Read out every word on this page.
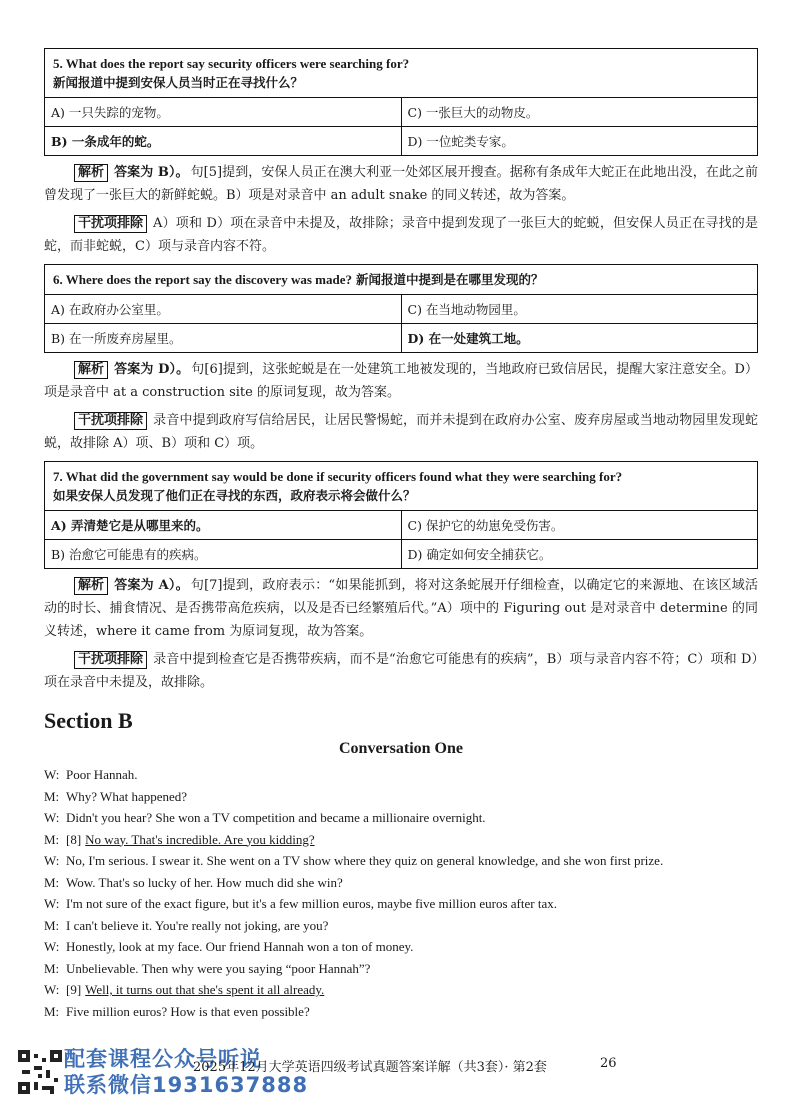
5. What does the report say security officers were searching for?
新闻报道中提到安保人员当时正在寻找什么？	

A) 一只失踪的宠物。	C) 一张巨大的动物皮。
B) 一条成年的蛇。	D) 一位蛇类专家。

解析 答案为 B）。 句[5]提到，安保人员正在澳大利亚一处郊区展开搜查。据称有条成年大蛇正在此地出没，在此之前曾发现了一张巨大的新鲜蛇蜕。B）项是对录音中 an adult snake 的同义转述，故为答案。

干扰项排除 A）项和 D）项在录音中未提及，故排除；录音中提到发现了一张巨大的蛇蜕，但安保人员正在寻找的是蛇，而非蛇蜕，C）项与录音内容不符。

6. Where does the report say the discovery was made? 新闻报道中提到是在哪里发现的？	
A) 在政府办公室里。	C) 在当地动物园里。
B) 在一所废弃房屋里。	D) 在一处建筑工地。

解析 答案为 D）。 句[6]提到，这张蛇蜕是在一处建筑工地被发现的，当地政府已致信居民，提醒大家注意安全。D）项是录音中 at a construction site 的原词复现，故为答案。

干扰项排除 录音中提到政府写信给居民，让居民警惕蛇，而并未提到在政府办公室、废弃房屋或当地动物园里发现蛇蜕，故排除 A）项、B）项和 C）项。

7. What did the government say would be done if security officers found what they were searching for?
如果安保人员发现了他们正在寻找的东西，政府表示将会做什么？	

A) 弄清楚它是从哪里来的。	C) 保护它的幼崽免受伤害。
B) 治愈它可能患有的疾病。	D) 确定如何安全捕获它。

解析 答案为 A）。 句[7]提到，政府表示：“如果能抓到，将对这条蛇展开仔细检查，以确定它的来源地、在该区域活动的时长、捕食情况、是否携带高危疾病，以及是否已经繁殖后代。”A）项中的 Figuring out 是对录音中 determine 的同义转述，where it came from 为原词复现，故为答案。

干扰项排除 录音中提到检查它是否携带疾病，而不是“治愈它可能患有的疾病”，B）项与录音内容不符；C）项和 D）项在录音中未提及，故排除。

Section B
Conversation One

W: Poor Hannah.

M: Why? What happened?

W: Didn't you hear? She won a TV competition and became a millionaire overnight.

M: [8] No way. That's incredible. Are you kidding?

W: No, I'm serious. I swear it. She went on a TV show where they quiz on general knowledge, and she won first prize.

M: Wow. That's so lucky of her. How much did she win?

W: I'm not sure of the exact figure, but it's a few million euros, maybe five million euros after tax.

M: I can't believe it. You're really not joking, are you?

W: Honestly, look at my face. Our friend Hannah won a ton of money.

M: Unbelievable. Then why were you saying “poor Hannah”?

W: [9] Well, it turns out that she's spent it all already.

M: Five million euros? How is that even possible?

配套课程公众号听说
联系微信1931637888
2025年12月大学英语四级考试真题答案详解（共3套）· 第2套	26
